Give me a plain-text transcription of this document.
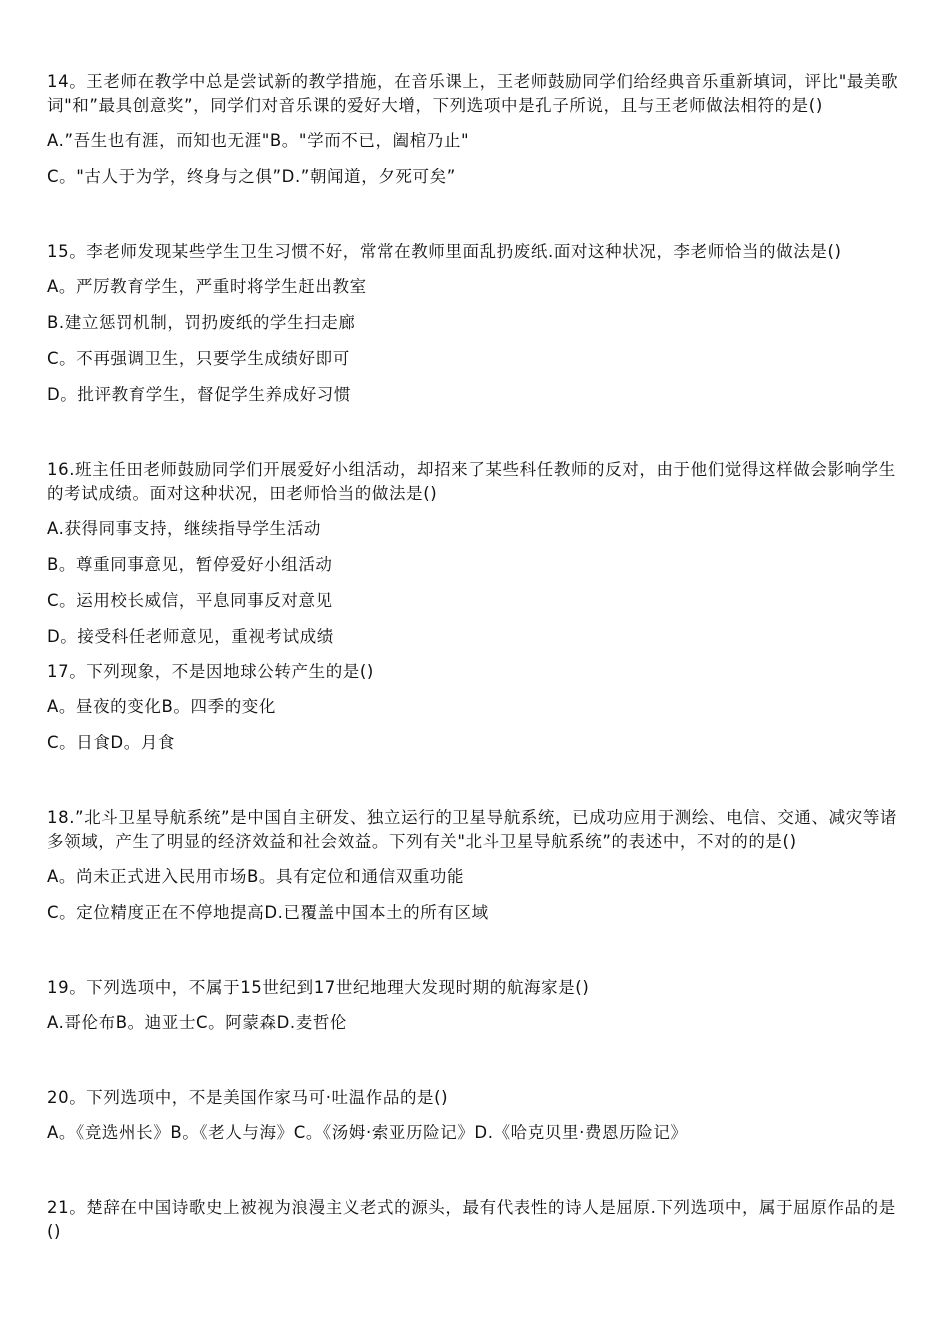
14。王老师在教学中总是尝试新的教学措施，在音乐课上，王老师鼓励同学们给经典音乐重新填词，评比"最美歌词"和”最具创意奖”，同学们对音乐课的爱好大增，下列选项中是孔子所说，且与王老师做法相符的是()

A.”吾生也有涯，而知也无涯"B。"学而不已，阖棺乃止"

C。"古人于为学，终身与之俱”D.”朝闻道，夕死可矣”

15。李老师发现某些学生卫生习惯不好，常常在教师里面乱扔废纸.面对这种状况，李老师恰当的做法是()

A。严厉教育学生，严重时将学生赶出教室

B.建立惩罚机制，罚扔废纸的学生扫走廊

C。不再强调卫生，只要学生成绩好即可

D。批评教育学生，督促学生养成好习惯

16.班主任田老师鼓励同学们开展爱好小组活动，却招来了某些科任教师的反对，由于他们觉得这样做会影响学生的考试成绩。面对这种状况，田老师恰当的做法是()

A.获得同事支持，继续指导学生活动

B。尊重同事意见，暂停爱好小组活动

C。运用校长威信，平息同事反对意见

D。接受科任老师意见，重视考试成绩

17。下列现象，不是因地球公转产生的是()

A。昼夜的变化B。四季的变化

C。日食D。月食

18.”北斗卫星导航系统”是中国自主研发、独立运行的卫星导航系统，已成功应用于测绘、电信、交通、减灾等诸多领域，产生了明显的经济效益和社会效益。下列有关"北斗卫星导航系统”的表述中，不对的的是()

A。尚未正式进入民用市场B。具有定位和通信双重功能

C。定位精度正在不停地提高D.已覆盖中国本土的所有区域

19。下列选项中，不属于15世纪到17世纪地理大发现时期的航海家是()

A.哥伦布B。迪亚士C。阿蒙森D.麦哲伦

20。下列选项中，不是美国作家马可·吐温作品的是()

A。《竞选州长》B。《老人与海》C。《汤姆·索亚历险记》D.《哈克贝里·费恩历险记》

21。楚辞在中国诗歌史上被视为浪漫主义老式的源头，最有代表性的诗人是屈原.下列选项中，属于屈原作品的是()
